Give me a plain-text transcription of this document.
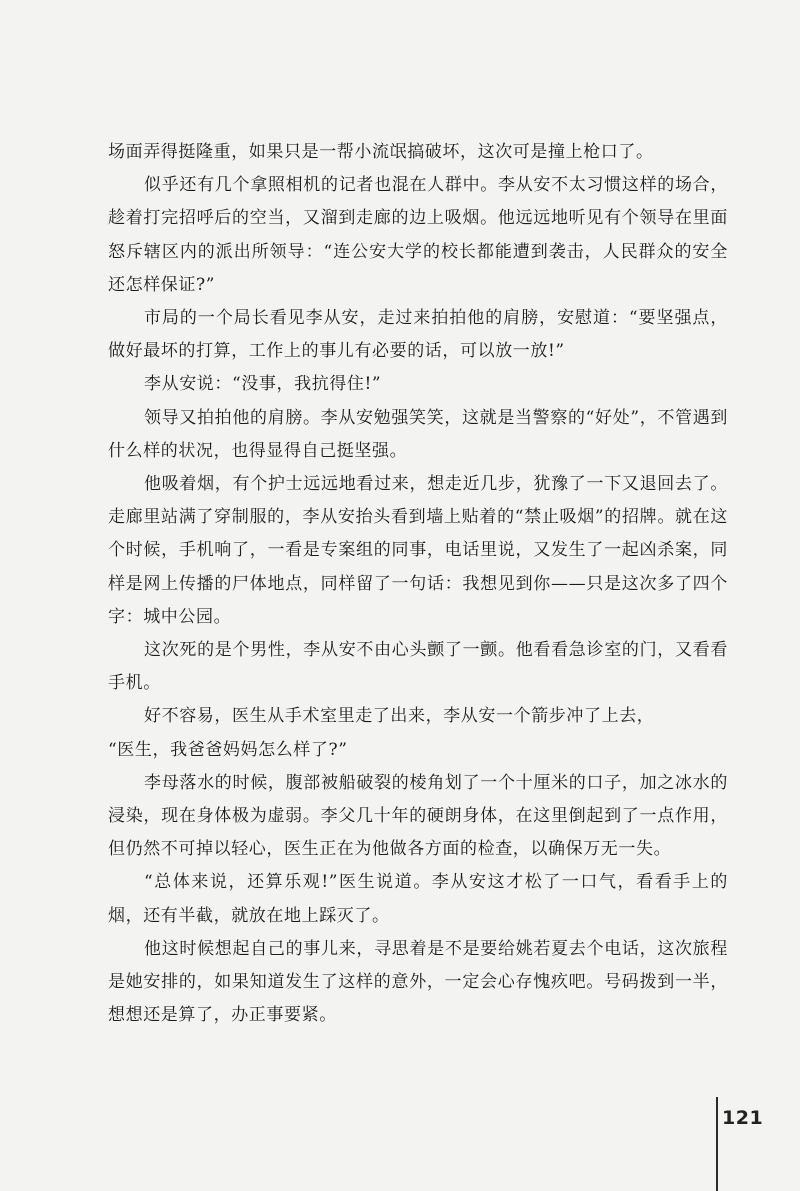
场面弄得挺隆重，如果只是一帮小流氓搞破坏，这次可是撞上枪口了。

似乎还有几个拿照相机的记者也混在人群中。李从安不太习惯这样的场合，趁着打完招呼后的空当，又溜到走廊的边上吸烟。他远远地听见有个领导在里面怒斥辖区内的派出所领导：“连公安大学的校长都能遭到袭击，人民群众的安全还怎样保证?”

市局的一个局长看见李从安，走过来拍拍他的肩膀，安慰道：“要坚强点，做好最坏的打算，工作上的事儿有必要的话，可以放一放!”

李从安说：“没事，我抗得住!”

领导又拍拍他的肩膀。李从安勉强笑笑，这就是当警察的“好处”，不管遇到什么样的状况，也得显得自己挺坚强。

他吸着烟，有个护士远远地看过来，想走近几步，犹豫了一下又退回去了。走廊里站满了穿制服的，李从安抬头看到墙上贴着的“禁止吸烟”的招牌。就在这个时候，手机响了，一看是专案组的同事，电话里说，又发生了一起凶杀案，同样是网上传播的尸体地点，同样留了一句话：我想见到你——只是这次多了四个字：城中公园。

这次死的是个男性，李从安不由心头颤了一颤。他看看急诊室的门，又看看手机。

好不容易，医生从手术室里走了出来，李从安一个箭步冲了上去，

“医生，我爸爸妈妈怎么样了?”

李母落水的时候，腹部被船破裂的棱角划了一个十厘米的口子，加之冰水的浸染，现在身体极为虚弱。李父几十年的硬朗身体，在这里倒起到了一点作用，但仍然不可掉以轻心，医生正在为他做各方面的检查，以确保万无一失。

“总体来说，还算乐观!”医生说道。李从安这才松了一口气，看看手上的烟，还有半截，就放在地上踩灭了。

他这时候想起自己的事儿来，寻思着是不是要给姚若夏去个电话，这次旅程是她安排的，如果知道发生了这样的意外，一定会心存愧疚吧。号码拨到一半，想想还是算了，办正事要紧。

121
